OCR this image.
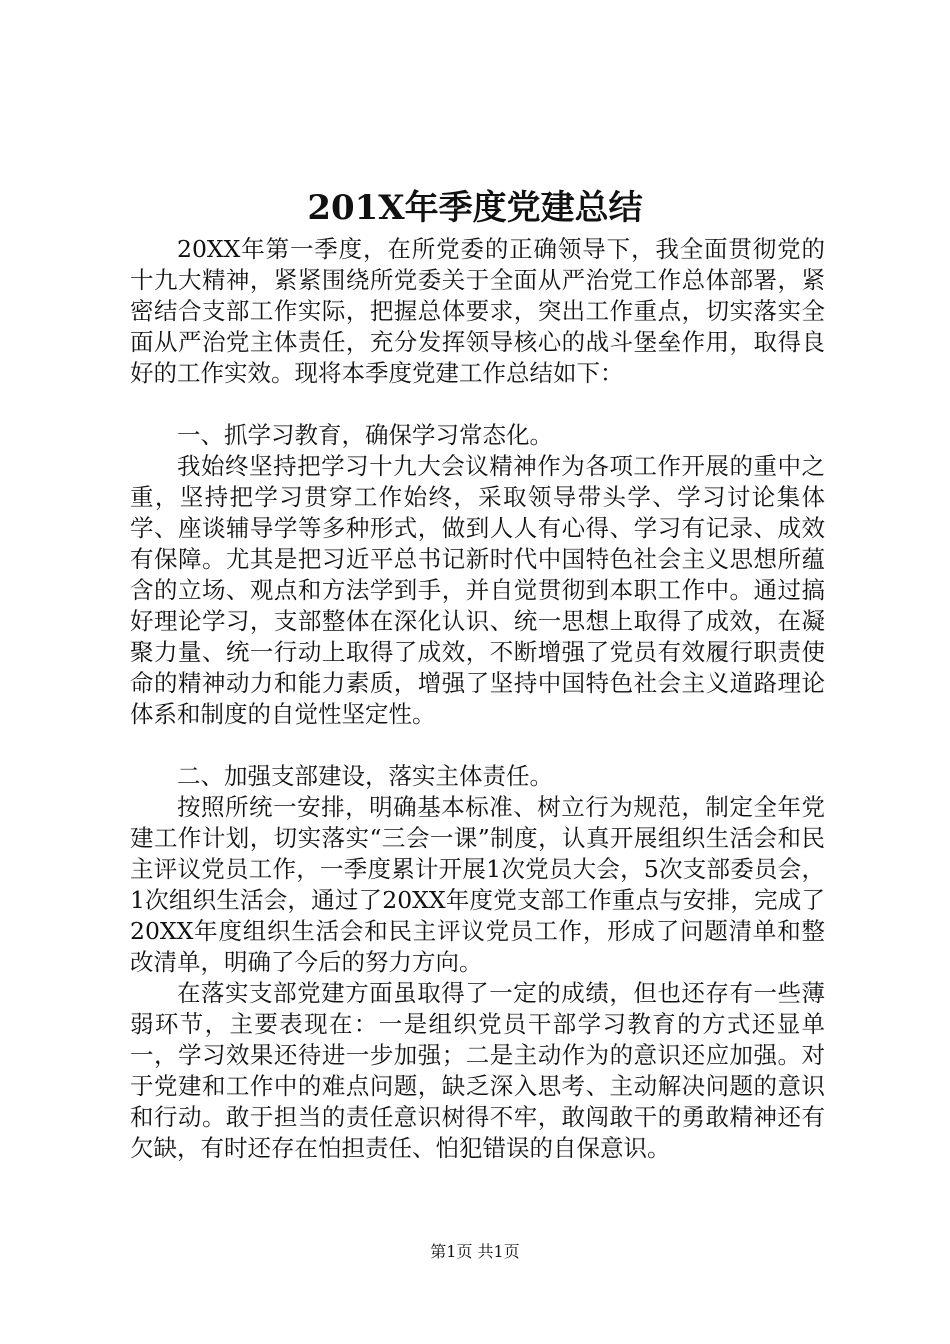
201X年季度党建总结

20XX年第一季度，在所党委的正确领导下，我全面贯彻党的十九大精神，紧紧围绕所党委关于全面从严治党工作总体部署，紧密结合支部工作实际，把握总体要求，突出工作重点，切实落实全面从严治党主体责任，充分发挥领导核心的战斗堡垒作用，取得良好的工作实效。现将本季度党建工作总结如下：

一、抓学习教育，确保学习常态化。

我始终坚持把学习十九大会议精神作为各项工作开展的重中之重，坚持把学习贯穿工作始终，采取领导带头学、学习讨论集体学、座谈辅导学等多种形式，做到人人有心得、学习有记录、成效有保障。尤其是把习近平总书记新时代中国特色社会主义思想所蕴含的立场、观点和方法学到手，并自觉贯彻到本职工作中。通过搞好理论学习，支部整体在深化认识、统一思想上取得了成效，在凝聚力量、统一行动上取得了成效，不断增强了党员有效履行职责使命的精神动力和能力素质，增强了坚持中国特色社会主义道路理论体系和制度的自觉性坚定性。

二、加强支部建设，落实主体责任。

按照所统一安排，明确基本标准、树立行为规范，制定全年党建工作计划，切实落实“三会一课”制度，认真开展组织生活会和民主评议党员工作，一季度累计开展1次党员大会，5次支部委员会，1次组织生活会，通过了20XX年度党支部工作重点与安排，完成了20XX年度组织生活会和民主评议党员工作，形成了问题清单和整改清单，明确了今后的努力方向。

在落实支部党建方面虽取得了一定的成绩，但也还存有一些薄弱环节，主要表现在：一是组织党员干部学习教育的方式还显单一，学习效果还待进一步加强；二是主动作为的意识还应加强。对于党建和工作中的难点问题，缺乏深入思考、主动解决问题的意识和行动。敢于担当的责任意识树得不牢，敢闯敢干的勇敢精神还有欠缺，有时还存在怕担责任、怕犯错误的自保意识。

第1页 共1页
